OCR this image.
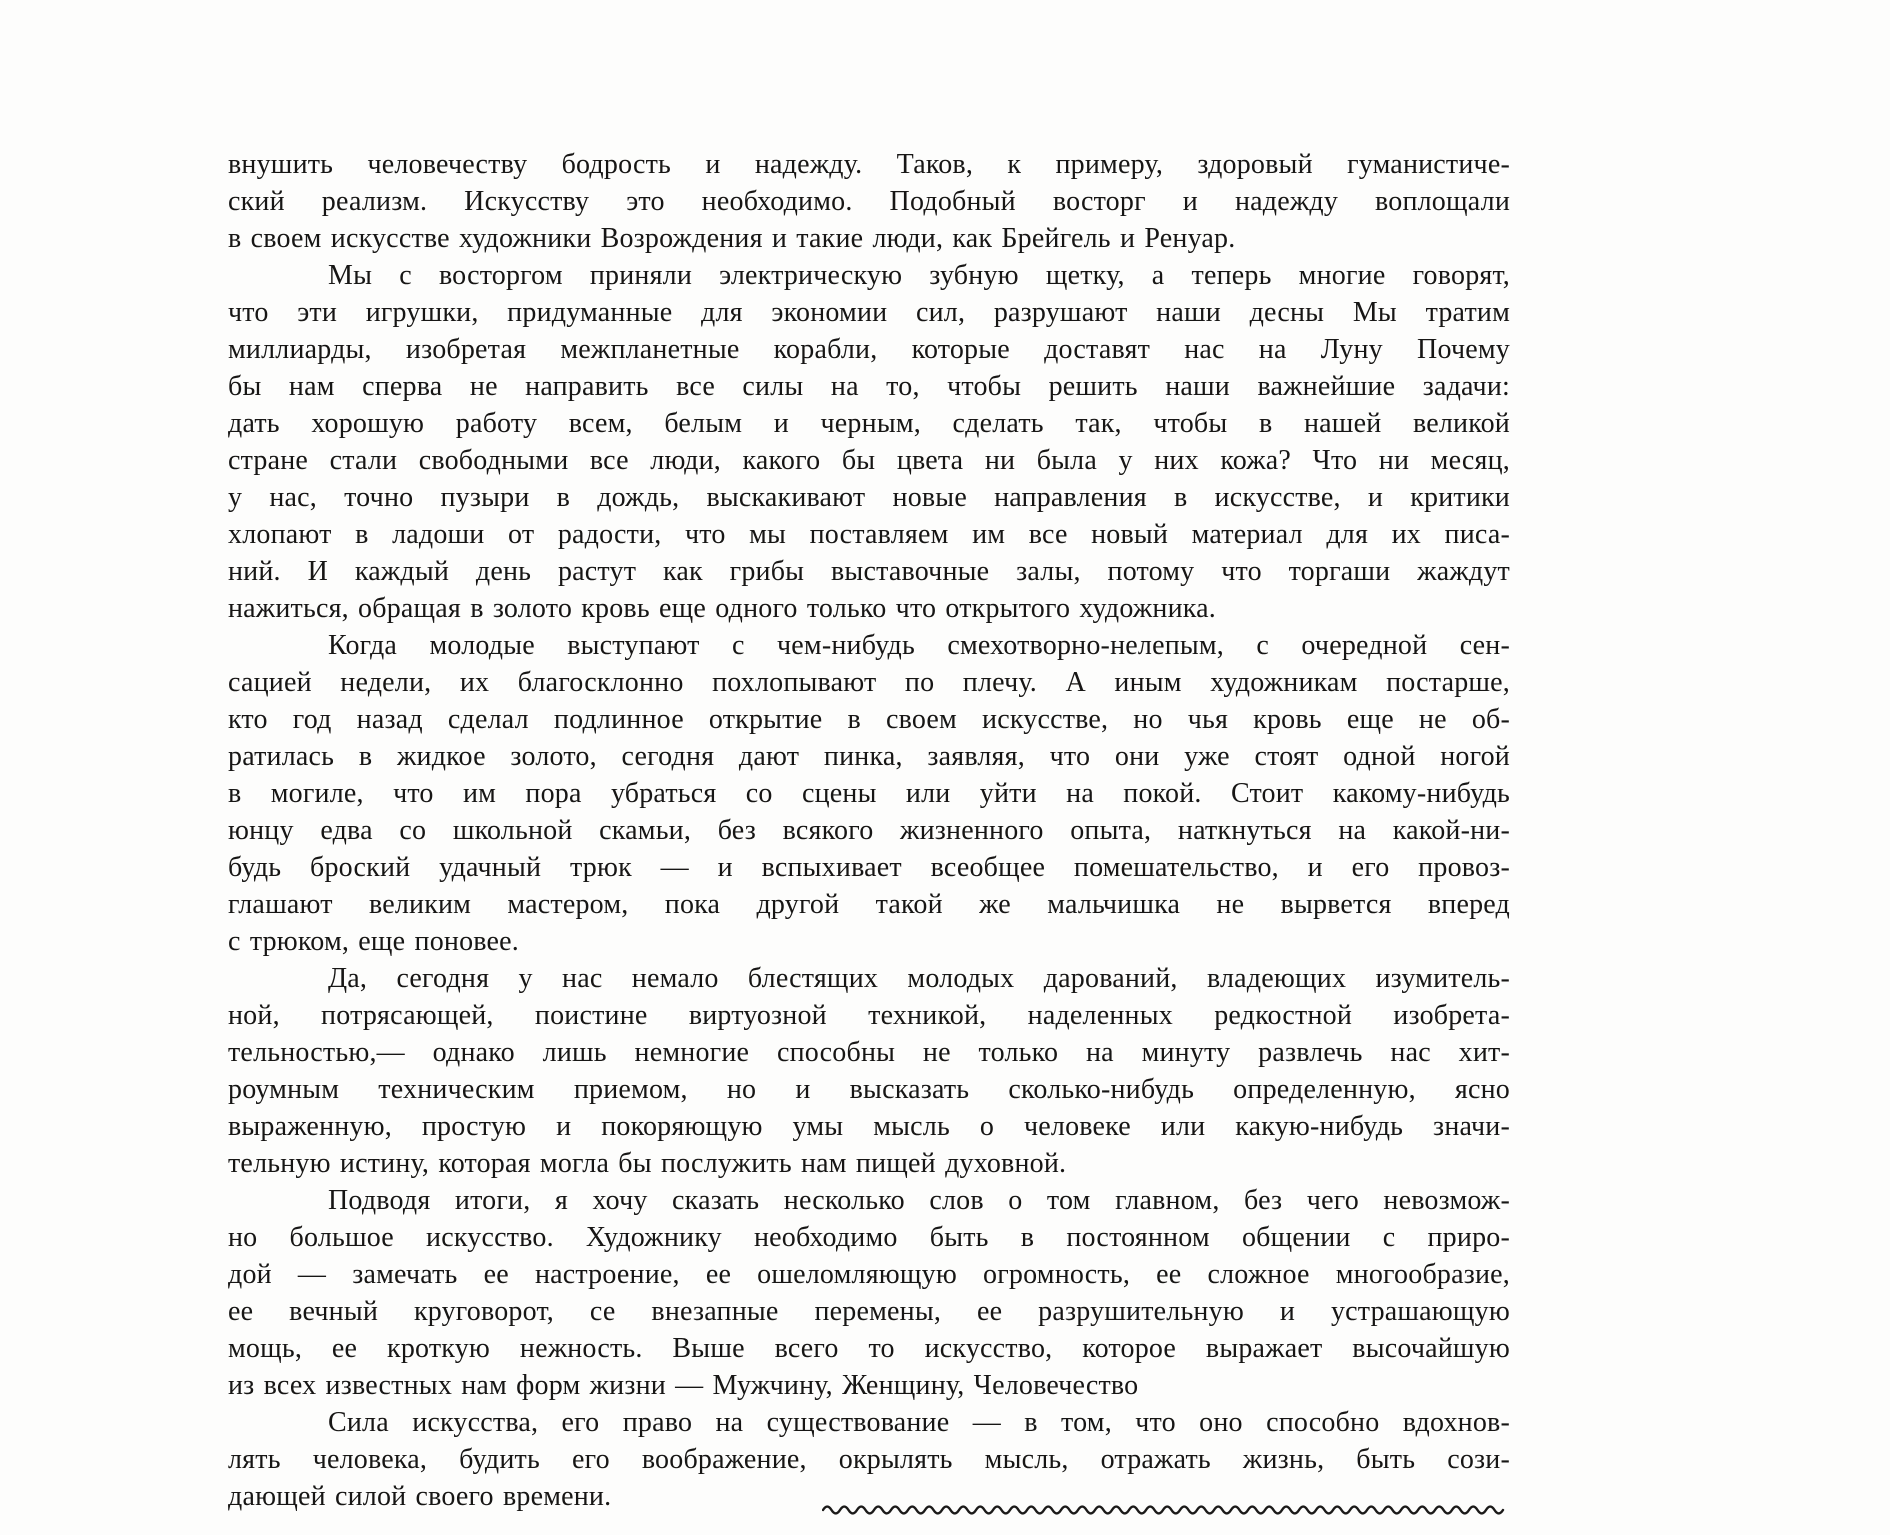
внушить человечеству бодрость и надежду. Таков, к примеру, здоровый гуманистиче-
ский реализм. Искусству это необходимо. Подобный восторг и надежду воплощали
в своем искусстве художники Возрождения и такие люди, как Брейгель и Ренуар.
Мы с восторгом приняли электрическую зубную щетку, а теперь многие говорят,
что эти игрушки, придуманные для экономии сил, разрушают наши десны Мы тратим
миллиарды, изобретая межпланетные корабли, которые доставят нас на Луну Почему
бы нам сперва не направить все силы на то, чтобы решить наши важнейшие задачи:
дать хорошую работу всем, белым и черным, сделать так, чтобы в нашей великой
стране стали свободными все люди, какого бы цвета ни была у них кожа? Что ни месяц,
у нас, точно пузыри в дождь, выскакивают новые направления в искусстве, и критики
хлопают в ладоши от радости, что мы поставляем им все новый материал для их писа-
ний. И каждый день растут как грибы выставочные залы, потому что торгаши жаждут
нажиться, обращая в золото кровь еще одного только что открытого художника.
Когда молодые выступают с чем-нибудь смехотворно-нелепым, с очередной сен-
сацией недели, их благосклонно похлопывают по плечу. А иным художникам постарше,
кто год назад сделал подлинное открытие в своем искусстве, но чья кровь еще не об-
ратилась в жидкое золото, сегодня дают пинка, заявляя, что они уже стоят одной ногой
в могиле, что им пора убраться со сцены или уйти на покой. Стоит какому-нибудь
юнцу едва со школьной скамьи, без всякого жизненного опыта, наткнуться на какой-ни-
будь броский удачный трюк — и вспыхивает всеобщее помешательство, и его провоз-
глашают великим мастером, пока другой такой же мальчишка не вырвется вперед
с трюком, еще поновее.
Да, сегодня у нас немало блестящих молодых дарований, владеющих изумитель-
ной, потрясающей, поистине виртуозной техникой, наделенных редкостной изобрета-
тельностью,— однако лишь немногие способны не только на минуту развлечь нас хит-
роумным техническим приемом, но и высказать сколько-нибудь определенную, ясно
выраженную, простую и покоряющую умы мысль о человеке или какую-нибудь значи-
тельную истину, которая могла бы послужить нам пищей духовной.
Подводя итоги, я хочу сказать несколько слов о том главном, без чего невозмож-
но большое искусство. Художнику необходимо быть в постоянном общении с приро-
дой — замечать ее настроение, ее ошеломляющую огромность, ее сложное многообразие,
ее вечный круговорот, се внезапные перемены, ее разрушительную и устрашающую
мощь, ее кроткую нежность. Выше всего то искусство, которое выражает высочайшую
из всех известных нам форм жизни — Мужчину, Женщину, Человечество
Сила искусства, его право на существование — в том, что оно способно вдохнов-
лять человека, будить его воображение, окрылять мысль, отражать жизнь, быть сози-
дающей силой своего времени.
